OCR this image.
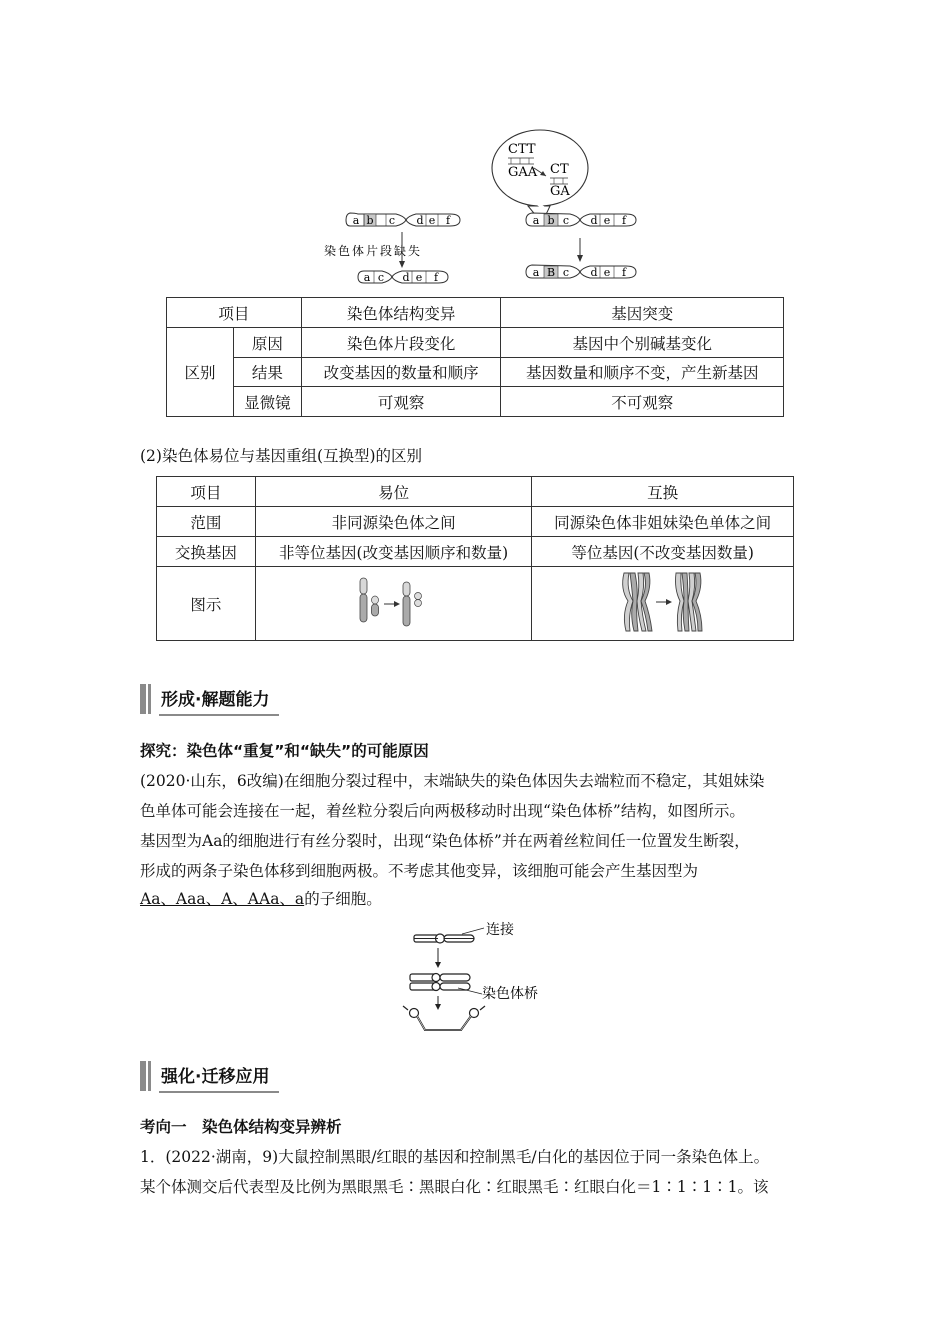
CTT
GAA CT
GA
a b c d e f
染色体片段缺失
a c d e f
a b c d e f
a B c d e f
项目		染色体结构变异	基因突变
区别	原因	染色体片段变化	基因中个别碱基变化
	结果	改变基因的数量和顺序	基因数量和顺序不变，产生新基因
	显微镜	可观察	不可观察
(2)染色体易位与基因重组(互换型)的区别
项目	易位	互换
范围	非同源染色体之间	同源染色体非姐妹染色单体之间
交换基因	非等位基因(改变基因顺序和数量)	等位基因(不改变基因数量)
图示		
形成·解题能力
探究：染色体“重复”和“缺失”的可能原因
(2020·山东，6改编)在细胞分裂过程中，末端缺失的染色体因失去端粒而不稳定，其姐妹染
色单体可能会连接在一起，着丝粒分裂后向两极移动时出现“染色体桥”结构，如图所示。
基因型为Aa的细胞进行有丝分裂时，出现“染色体桥”并在两着丝粒间任一位置发生断裂，
形成的两条子染色体移到细胞两极。不考虑其他变异，该细胞可能会产生基因型为
Aa、Aaa、A、AAa、a的子细胞。
连接
染色体桥
强化·迁移应用
考向一　染色体结构变异辨析
1．(2022·湖南，9)大鼠控制黑眼/红眼的基因和控制黑毛/白化的基因位于同一条染色体上。
某个体测交后代表型及比例为黑眼黑毛∶黑眼白化∶红眼黑毛∶红眼白化＝1∶1∶1∶1。该
